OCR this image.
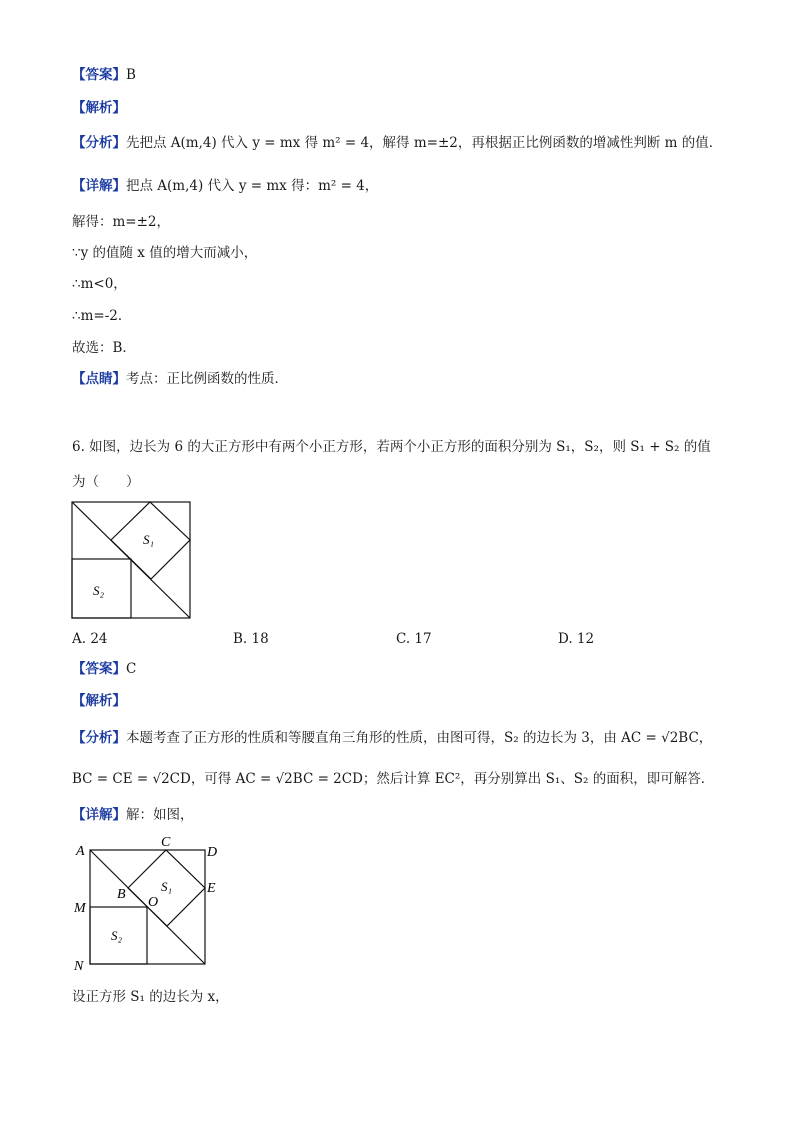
【答案】B
【解析】
【分析】先把点 A(m,4) 代入 y = mx 得 m² = 4，解得 m=±2，再根据正比例函数的增减性判断 m 的值．
【详解】把点 A(m,4) 代入 y = mx 得：m² = 4，
解得：m=±2，
∵y 的值随 x 值的增大而减小，
∴m<0，
∴m=-2．
故选：B．
【点睛】考点：正比例函数的性质．
6. 如图，边长为 6 的大正方形中有两个小正方形，若两个小正方形的面积分别为 S₁，S₂，则 S₁ + S₂ 的值
为（　　）
S₁
S₂
A. 24	B. 18	C. 17	D. 12
【答案】C
【解析】
【分析】本题考查了正方形的性质和等腰直角三角形的性质，由图可得，S₂ 的边长为 3，由 AC = √2BC，
BC = CE = √2CD，可得 AC = √2BC = 2CD；然后计算 EC²，再分别算出 S₁、S₂ 的面积，即可解答．
【详解】解：如图，
A
C
D
E
B
O
M
N
S₁
S₂
设正方形 S₁ 的边长为 x，
